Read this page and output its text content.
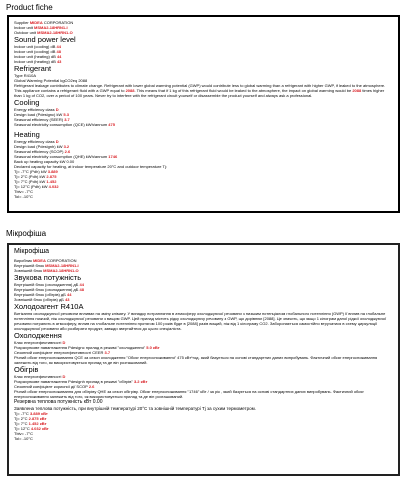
Product fiche
Supplier MIDEA CORPORATION
Indoor unit MSMA2-18HRN1-I
Outdoor unit MSMA2-18HRN1-O
Sound power level
Indoor unit (cooling) dB 44
Indoor unit (cooling) dB 48
Indoor unit (heating) dB 44
Indoor unit (heating) dB 43
Refrigerant
Type R410A
Global Warming Potential kgCO2eq 2088
Refrigerant leakage contributes to climate change. Refrigerant with lower global warming potential (GWP) would contribute less to global warming than a refrigerant with higher GWP, if leaked to the atmosphere. This appliance contains a refrigerant fluid with a GWP equal to 2088. This means that if 1 kg of this refrigerant fluid would be leaked to the atmosphere, the impact on global warming would be 2088 times higher than 1 kg of CO2, over a period of 100 years. Never try to interfere with the refrigerant circuit yourself or disassemble the product yourself and always ask a professional.
Cooling
Energy efficiency class D
Design load (Pdesignc) kW 5.3
Seasonal efficiency (SEER) 3.7
Seasonal electricity consumption (QCE) kWh/annum 475
Heating
Energy efficiency class D
Design load (Pdesignh) kW 3.2
Seasonal efficiency (SCOP) 2.6
Seasonal electricity consumption (QHE) kWh/annum 1746
Back up heating capacity kW 0.00
Declared capacity for heating, at indoor temperature 20°C and outdoor temperature Tj:
Tj= -7°C (Pdh) kW 3.889
Tj= 2°C (Pdh) kW 2.875
Tj= 7°C (Pdh) kW 1.452
Tj= 12°C (Pdh) kW 4.032
Tbiv= -7°C
Tol= -10°C
Мікрофіша
Мікрофіша
Виробник MIDEA CORPORATION
Внутрішній блок MSMA2-18HRN1-I
Зовнішній блок MSMA2-18HRN1-O
Звукова потужність
Внутрішній блок (охолодження) дБ 44
Внутрішній блок (охолодження) дБ 48
Внутрішній блок (обігрів) дБ 44
Зовнішній блок (обігрів) дБ 43
Холодоагент R410A
Витікання охолоджуючої речовини впливає на зміну клімату. У випадку потрапляння в атмосферу охолоджуючої речовини з низьким потенціалом глобального потепління (GWP) її вплив на глобальне потепління нижчий, ніж охолоджуючої речовини з вищим GWP. Цей прилад містить рідку охолоджуючу речовину з GWP, що дорівнює [2088]. Це значить, що якщо 1 кілограм даної рідкої охолоджуючої речовини потрапить в атмосферу, вплив на глобальне потепління протягом 100 років буде в [2088] разів вищий, ніж від 1 кілограму CO2. Заборонається самостійно втручатися в схему циркуляції охолоджуючої речовини або розбирати продукт, завжди звертайтеся до цього спеціаліста.
Охолодження
Клас енергоефективності D
Розрахункове навантаження Pdesignc прилад в режимі "охолодження" 5.0 кВт
Сезонний коефіцієнт енергоефективності CEER 3.7
Річний обсяг енергоспоживання QCE за сезон охолодження "Обсяг енергоспоживання" 475 кВт*год. який базується на основі стандартних даних випробувань. Фактичний обсяг енергоспоживання залежить від того, як використовується прилад та де він розташований.
Обігрів
Клас енергоефективності D
Розрахункове навантаження Pdesignh прилад в режимі "обігрів" 3.2 кВт
Сезонний коефіцієнт корисної дії SCOP 2.6
Річний обсяг енергоспоживання для обігріву QHE за сезон обігріву. Обсяг енергоспоживання "1746" кВт / за рік , який базується на основі стандартних даних випробувань. Фактичний обсяг енергоспоживання залежить від того, як використовується прилад та де він розташований.
Резервна теплова потужність кВт 0.00
Заявлена теплова потужність, при внутрішній температурі 20°C та зовнішній температурі Tj за сухим термометром.
Tj= -7°C 3.889 кВт
Tj= 2°C 2.875 кВт
Tj= 7°C 1.452 кВт
Tj= 12°C 4.032 кВт
Tbiv= -7°C
Tol= -10°C
